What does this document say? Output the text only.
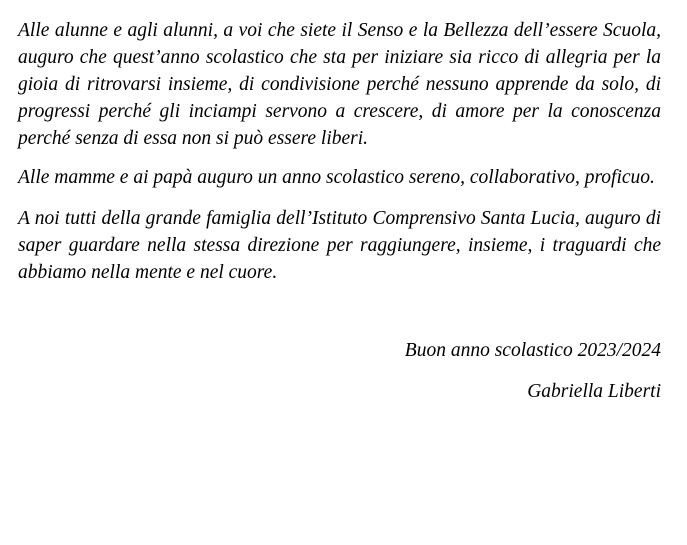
Alle alunne e agli alunni, a voi che siete il Senso e la Bellezza dell’essere Scuola, auguro che quest’anno scolastico che sta per iniziare sia ricco di allegria per la gioia di ritrovarsi insieme, di condivisione perché nessuno apprende da solo, di progressi perché gli inciampi servono a crescere, di amore per la conoscenza perché senza di essa non si può essere liberi.

Alle mamme e ai papà auguro un anno scolastico sereno, collaborativo, proficuo.

A noi tutti della grande famiglia dell’Istituto Comprensivo Santa Lucia, auguro di saper guardare nella stessa direzione per raggiungere, insieme, i traguardi che abbiamo nella mente e nel cuore.

Buon anno scolastico 2023/2024

Gabriella Liberti
